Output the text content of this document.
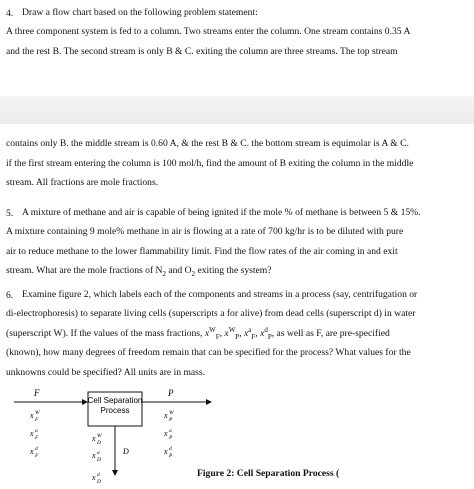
4. Draw a flow chart based on the following problem statement:
A three component system is fed to a column. Two streams enter the column. One stream contains 0.35 A
and the rest B. The second stream is only B & C. exiting the column are three streams. The top stream
contains only B. the middle stream is 0.60 A, & the rest B & C. the bottom stream is equimolar is A & C.
if the first stream entering the column is 100 mol/h, find the amount of B exiting the column in the middle
stream. All fractions are mole fractions.
5. A mixture of methane and air is capable of being ignited if the mole % of methane is between 5 & 15%.
A mixture containing 9 mole% methane in air is flowing at a rate of 700 kg/hr is to be diluted with pure
air to reduce methane to the lower flammability limit. Find the flow rates of the air coming in and exit
stream. What are the mole fractions of $N_2$ and $O_2$ exiting the system?
6. Examine figure 2, which labels each of the components and streams in a process (say, centrifugation or
di-electrophoresis) to separate living cells (superscripts a for alive) from dead cells (superscript d) in water
(superscript W). If the values of the mass fractions, $x^W_F$, $x^W_P$, $x^a_F$, $x^d_P$, as well as F, are pre-specified
(known), how many degrees of freedom remain that can be specified for the process? What values for the
unknowns could be specified? All units are in mass.
F
Cell Separation
Process
P
D
x W
F
x a
F
x d
F
x W
P
x a
P
x d
P
x W
D
x a
D
x d
D
Figure 2: Cell Separation Process (
